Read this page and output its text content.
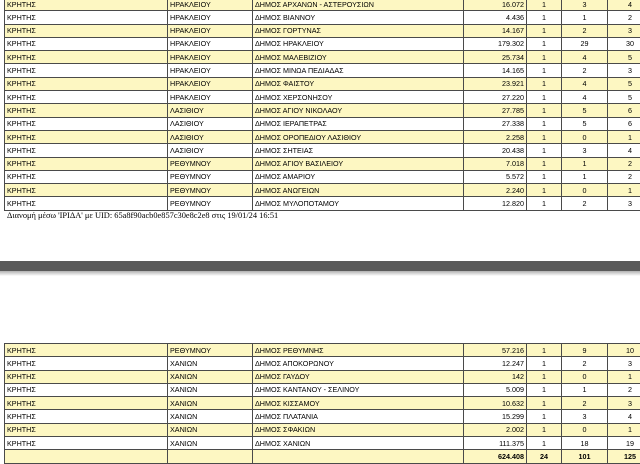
ΚΡΗΤΗΣ	ΗΡΑΚΛΕΙΟΥ	ΔΗΜΟΣ ΑΡΧΑΝΩΝ - ΑΣΤΕΡΟΥΣΙΩΝ	16.072	1	3	4
ΚΡΗΤΗΣ	ΗΡΑΚΛΕΙΟΥ	ΔΗΜΟΣ ΒΙΑΝΝΟΥ	4.436	1	1	2
ΚΡΗΤΗΣ	ΗΡΑΚΛΕΙΟΥ	ΔΗΜΟΣ ΓΟΡΤΥΝΑΣ	14.167	1	2	3
ΚΡΗΤΗΣ	ΗΡΑΚΛΕΙΟΥ	ΔΗΜΟΣ ΗΡΑΚΛΕΙΟΥ	179.302	1	29	30
ΚΡΗΤΗΣ	ΗΡΑΚΛΕΙΟΥ	ΔΗΜΟΣ ΜΑΛΕΒΙΖΙΟΥ	25.734	1	4	5
ΚΡΗΤΗΣ	ΗΡΑΚΛΕΙΟΥ	ΔΗΜΟΣ ΜΙΝΩΑ ΠΕΔΙΑΔΑΣ	14.165	1	2	3
ΚΡΗΤΗΣ	ΗΡΑΚΛΕΙΟΥ	ΔΗΜΟΣ ΦΑΙΣΤΟΥ	23.921	1	4	5
ΚΡΗΤΗΣ	ΗΡΑΚΛΕΙΟΥ	ΔΗΜΟΣ ΧΕΡΣΟΝΗΣΟΥ	27.220	1	4	5
ΚΡΗΤΗΣ	ΛΑΣΙΘΙΟΥ	ΔΗΜΟΣ ΑΓΙΟΥ ΝΙΚΟΛΑΟΥ	27.785	1	5	6
ΚΡΗΤΗΣ	ΛΑΣΙΘΙΟΥ	ΔΗΜΟΣ ΙΕΡΑΠΕΤΡΑΣ	27.338	1	5	6
ΚΡΗΤΗΣ	ΛΑΣΙΘΙΟΥ	ΔΗΜΟΣ ΟΡΟΠΕΔΙΟΥ ΛΑΣΙΘΙΟΥ	2.258	1	0	1
ΚΡΗΤΗΣ	ΛΑΣΙΘΙΟΥ	ΔΗΜΟΣ ΣΗΤΕΙΑΣ	20.438	1	3	4
ΚΡΗΤΗΣ	ΡΕΘΥΜΝΟΥ	ΔΗΜΟΣ ΑΓΙΟΥ ΒΑΣΙΛΕΙΟΥ	7.018	1	1	2
ΚΡΗΤΗΣ	ΡΕΘΥΜΝΟΥ	ΔΗΜΟΣ ΑΜΑΡΙΟΥ	5.572	1	1	2
ΚΡΗΤΗΣ	ΡΕΘΥΜΝΟΥ	ΔΗΜΟΣ ΑΝΩΓΕΙΩΝ	2.240	1	0	1
ΚΡΗΤΗΣ	ΡΕΘΥΜΝΟΥ	ΔΗΜΟΣ ΜΥΛΟΠΟΤΑΜΟΥ	12.820	1	2	3
Διανομή μέσω 'ΙΡΙΔΑ' με UID: 65a8f90acb0e857c30e8c2e8 στις 19/01/24 16:51
ΚΡΗΤΗΣ	ΡΕΘΥΜΝΟΥ	ΔΗΜΟΣ ΡΕΘΥΜΝΗΣ	57.216	1	9	10
ΚΡΗΤΗΣ	ΧΑΝΙΩΝ	ΔΗΜΟΣ ΑΠΟΚΟΡΩΝΟΥ	12.247	1	2	3
ΚΡΗΤΗΣ	ΧΑΝΙΩΝ	ΔΗΜΟΣ ΓΑΥΔΟΥ	142	1	0	1
ΚΡΗΤΗΣ	ΧΑΝΙΩΝ	ΔΗΜΟΣ ΚΑΝΤΑΝΟΥ - ΣΕΛΙΝΟΥ	5.009	1	1	2
ΚΡΗΤΗΣ	ΧΑΝΙΩΝ	ΔΗΜΟΣ ΚΙΣΣΑΜΟΥ	10.632	1	2	3
ΚΡΗΤΗΣ	ΧΑΝΙΩΝ	ΔΗΜΟΣ ΠΛΑΤΑΝΙΑ	15.299	1	3	4
ΚΡΗΤΗΣ	ΧΑΝΙΩΝ	ΔΗΜΟΣ ΣΦΑΚΙΩΝ	2.002	1	0	1
ΚΡΗΤΗΣ	ΧΑΝΙΩΝ	ΔΗΜΟΣ ΧΑΝΙΩΝ	111.375	1	18	19
			624.408	24	101	125
